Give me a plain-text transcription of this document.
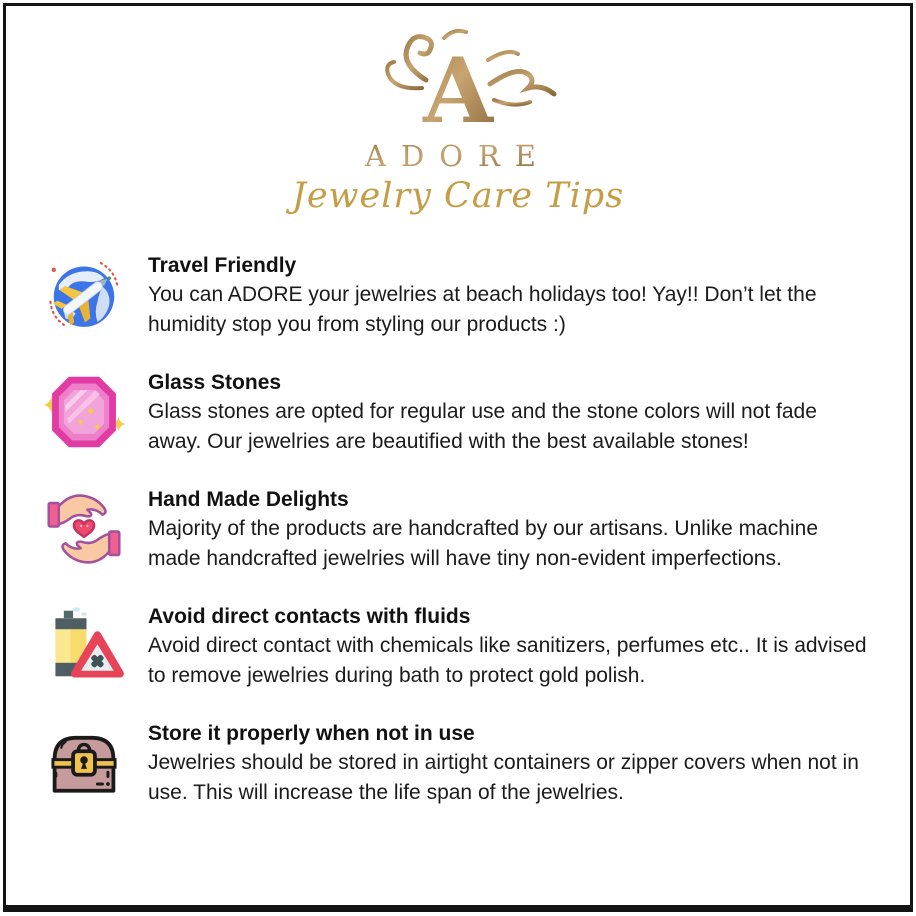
A
ADORE
Jewelry Care Tips
Travel Friendly
You can ADORE your jewelries at beach holidays too! Yay!! Don’t let the humidity stop you from styling our products :)
Glass Stones
Glass stones are opted for regular use and the stone colors will not fade away. Our jewelries are beautified with the best available stones!
Hand Made Delights
Majority of the products are handcrafted by our artisans. Unlike machine made handcrafted jewelries will have tiny non-evident imperfections.
Avoid direct contacts with fluids
Avoid direct contact with chemicals like sanitizers, perfumes etc.. It is advised to remove jewelries during bath to protect gold polish.
Store it properly when not in use
Jewelries should be stored in airtight containers or zipper covers when not in use. This will increase the life span of the jewelries.
